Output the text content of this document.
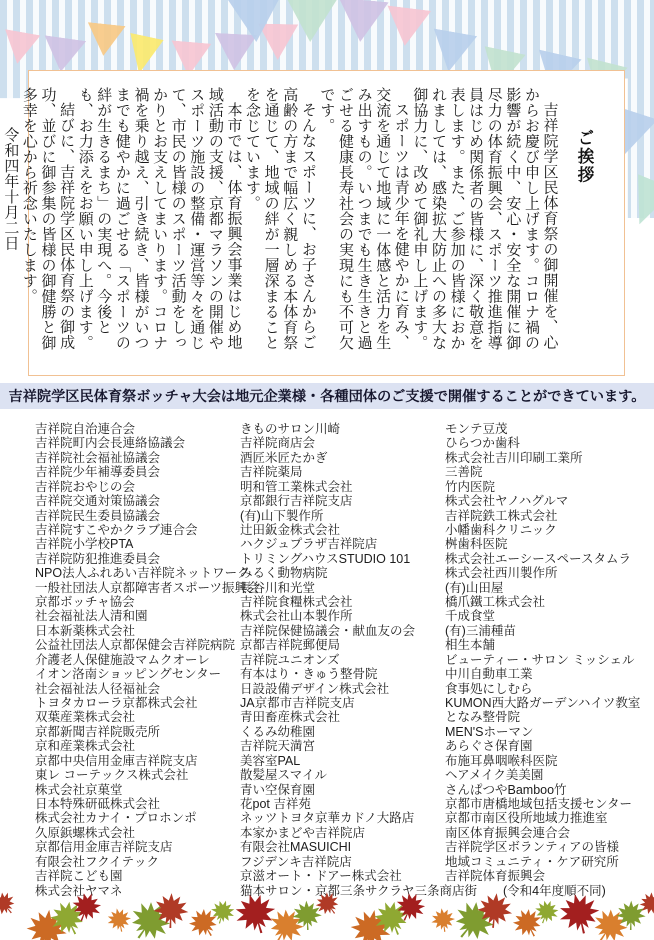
ご挨拶

吉祥院学区民体育祭の御開催を、心からお慶び申し上げます。コロナ禍の影響が続く中、安心・安全な開催に御尽力の体育振興会、スポーツ推進指導員はじめ関係者の皆様に、深く敬意を表します。また、ご参加の皆様におかれましては、感染拡大防止への多大な御協力に、改めて御礼申し上げます。

スポーツは青少年を健やかに育み、交流を通じて地域に一体感と活力を生み出すもの。いつまでも生き生きと過ごせる健康長寿社会の実現にも不可欠です。

そんなスポーツに、お子さんからご高齢の方まで幅広く親しめる本体育祭を通じて、地域の絆が一層深まることを念じています。

本市では、体育振興会事業はじめ地域活動の支援、京都マラソンの開催やスポーツ施設の整備・運営等々を通じて、市民の皆様のスポーツ活動をしっかりとお支えしてまいります。コロナ禍を乗り越え、引き続き、皆様がいつまでも健やかに過ごせる「スポーツの絆が生きるまち」の実現へ。今後とも、お力添えをお願い申し上げます。

結びに、吉祥院学区民体育祭の御成功、並びに御参集の皆様の御健勝と御多幸を心から祈念いたします。

令和四年十月二日
吉祥院学区民体育祭ボッチャ大会は地元企業様・各種団体のご支援で開催することができています。
吉祥院自治連合会
吉祥院町内会長連絡協議会
吉祥院社会福祉協議会
吉祥院少年補導委員会
吉祥院おやじの会
吉祥院交通対策協議会
吉祥院民生委員協議会
吉祥院すこやかクラブ連合会
吉祥院小学校PTA
吉祥院防犯推進委員会
NPO法人ふれあい吉祥院ネットワーク
一般社団法人京都障害者スポーツ振興会
京都ボッチャ協会
社会福祉法人清和園
日本新薬株式会社
公益社団法人京都保健会吉祥院病院
介護老人保健施設マムクオーレ
イオン洛南ショッピングセンター
社会福祉法人径福祉会
トヨタカローラ京都株式会社
双葉産業株式会社
京都新聞吉祥院販売所
京和産業株式会社
京都中央信用金庫吉祥院支店
東レ コーテックス株式会社
株式会社京菓堂
日本特殊研砥株式会社
株式会社カナイ・プロホンポ
久原鋲螺株式会社
京都信用金庫吉祥院支店
有限会社フクイテック
吉祥院こども園
株式会社ヤマネ
きものサロン川崎
吉祥院商店会
酒匠米匠たかぎ
吉祥院薬局
明和管工業株式会社
京都銀行吉祥院支店
(有)山下製作所
辻田鈑金株式会社
ハクジュプラザ吉祥院店
トリミングハウスSTUDIO 101
みるく動物病院
長谷川和光堂
吉祥院食糧株式会社
株式会社山本製作所
吉祥院保健協議会・献血友の会
京都吉祥院郵便局
吉祥院ユニオンズ
有本はり・きゅう整骨院
日設設備デザイン株式会社
JA京都市吉祥院支店
青田畜産株式会社
くるみ幼稚園
吉祥院天満宮
美容室PAL
散髪屋スマイル
青い空保育園
花pot 吉祥苑
ネッツトヨタ京華カドノ大路店
本家かまどや吉祥院店
有限会社MASUICHI
フジデンキ吉祥院店
京滋オート・ドアー株式会社
猫本サロン・京都三条サクラヤ三条商店街
モンテ豆茂
ひらつか歯科
株式会社吉川印刷工業所
三善院
竹内医院
株式会社ヤノハグルマ
吉祥院鉄工株式会社
小幡歯科クリニック
桝歯科医院
株式会社エーシースペースタムラ
株式会社西川製作所
(有)山田屋
橋爪鐵工株式会社
千成食堂
(有)三浦種苗
相生本舗
ビューティー・サロン ミッシェル
中川自動車工業
食事処にしむら
KUMON西大路ガーデンハイツ教室
となみ整骨院
MEN'Sホーマン
あらぐさ保育園
布施耳鼻咽喉科医院
ヘアメイク美美園
さんぱつやBamboo竹
京都市唐橋地域包括支援センター
京都市南区役所地域力推進室
南区体育振興会連合会
吉祥院学区ボランティアの皆様
地域コミュニティ・ケア研究所
吉祥院体育振興会
(令和4年度順不同)
